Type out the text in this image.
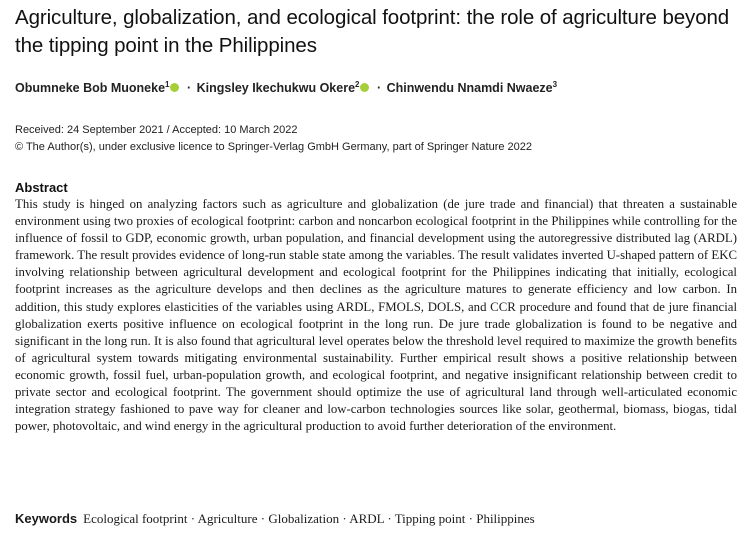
Agriculture, globalization, and ecological footprint: the role of agriculture beyond the tipping point in the Philippines
Obumneke Bob Muoneke$^1$ · Kingsley Ikechukwu Okere$^2$ · Chinwendu Nnamdi Nwaeze$^3$
Received: 24 September 2021 / Accepted: 10 March 2022
© The Author(s), under exclusive licence to Springer-Verlag GmbH Germany, part of Springer Nature 2022
Abstract

This study is hinged on analyzing factors such as agriculture and globalization (de jure trade and financial) that threaten a sustainable environment using two proxies of ecological footprint: carbon and noncarbon ecological footprint in the Philippines while controlling for the influence of fossil to GDP, economic growth, urban population, and financial development using the autoregressive distributed lag (ARDL) framework. The result provides evidence of long-run stable state among the variables. The result validates inverted U-shaped pattern of EKC involving relationship between agricultural development and ecological footprint for the Philippines indicating that initially, ecological footprint increases as the agriculture develops and then declines as the agriculture matures to generate efficiency and low carbon. In addition, this study explores elasticities of the variables using ARDL, FMOLS, DOLS, and CCR procedure and found that de jure financial globalization exerts positive influence on ecological footprint in the long run. De jure trade globalization is found to be negative and significant in the long run. It is also found that agricultural level operates below the threshold level required to maximize the growth benefits of agricultural system towards mitigating environmental sustainability. Further empirical result shows a positive relationship between economic growth, fossil fuel, urban-population growth, and ecological footprint, and negative insignificant relationship between credit to private sector and ecological footprint. The government should optimize the use of agricultural land through well-articulated economic integration strategy fashioned to pave way for cleaner and low-carbon technologies sources like solar, geothermal, biomass, biogas, tidal power, photovoltaic, and wind energy in the agricultural production to avoid further deterioration of the environment.

Keywords Ecological footprint · Agriculture · Globalization · ARDL · Tipping point · Philippines
